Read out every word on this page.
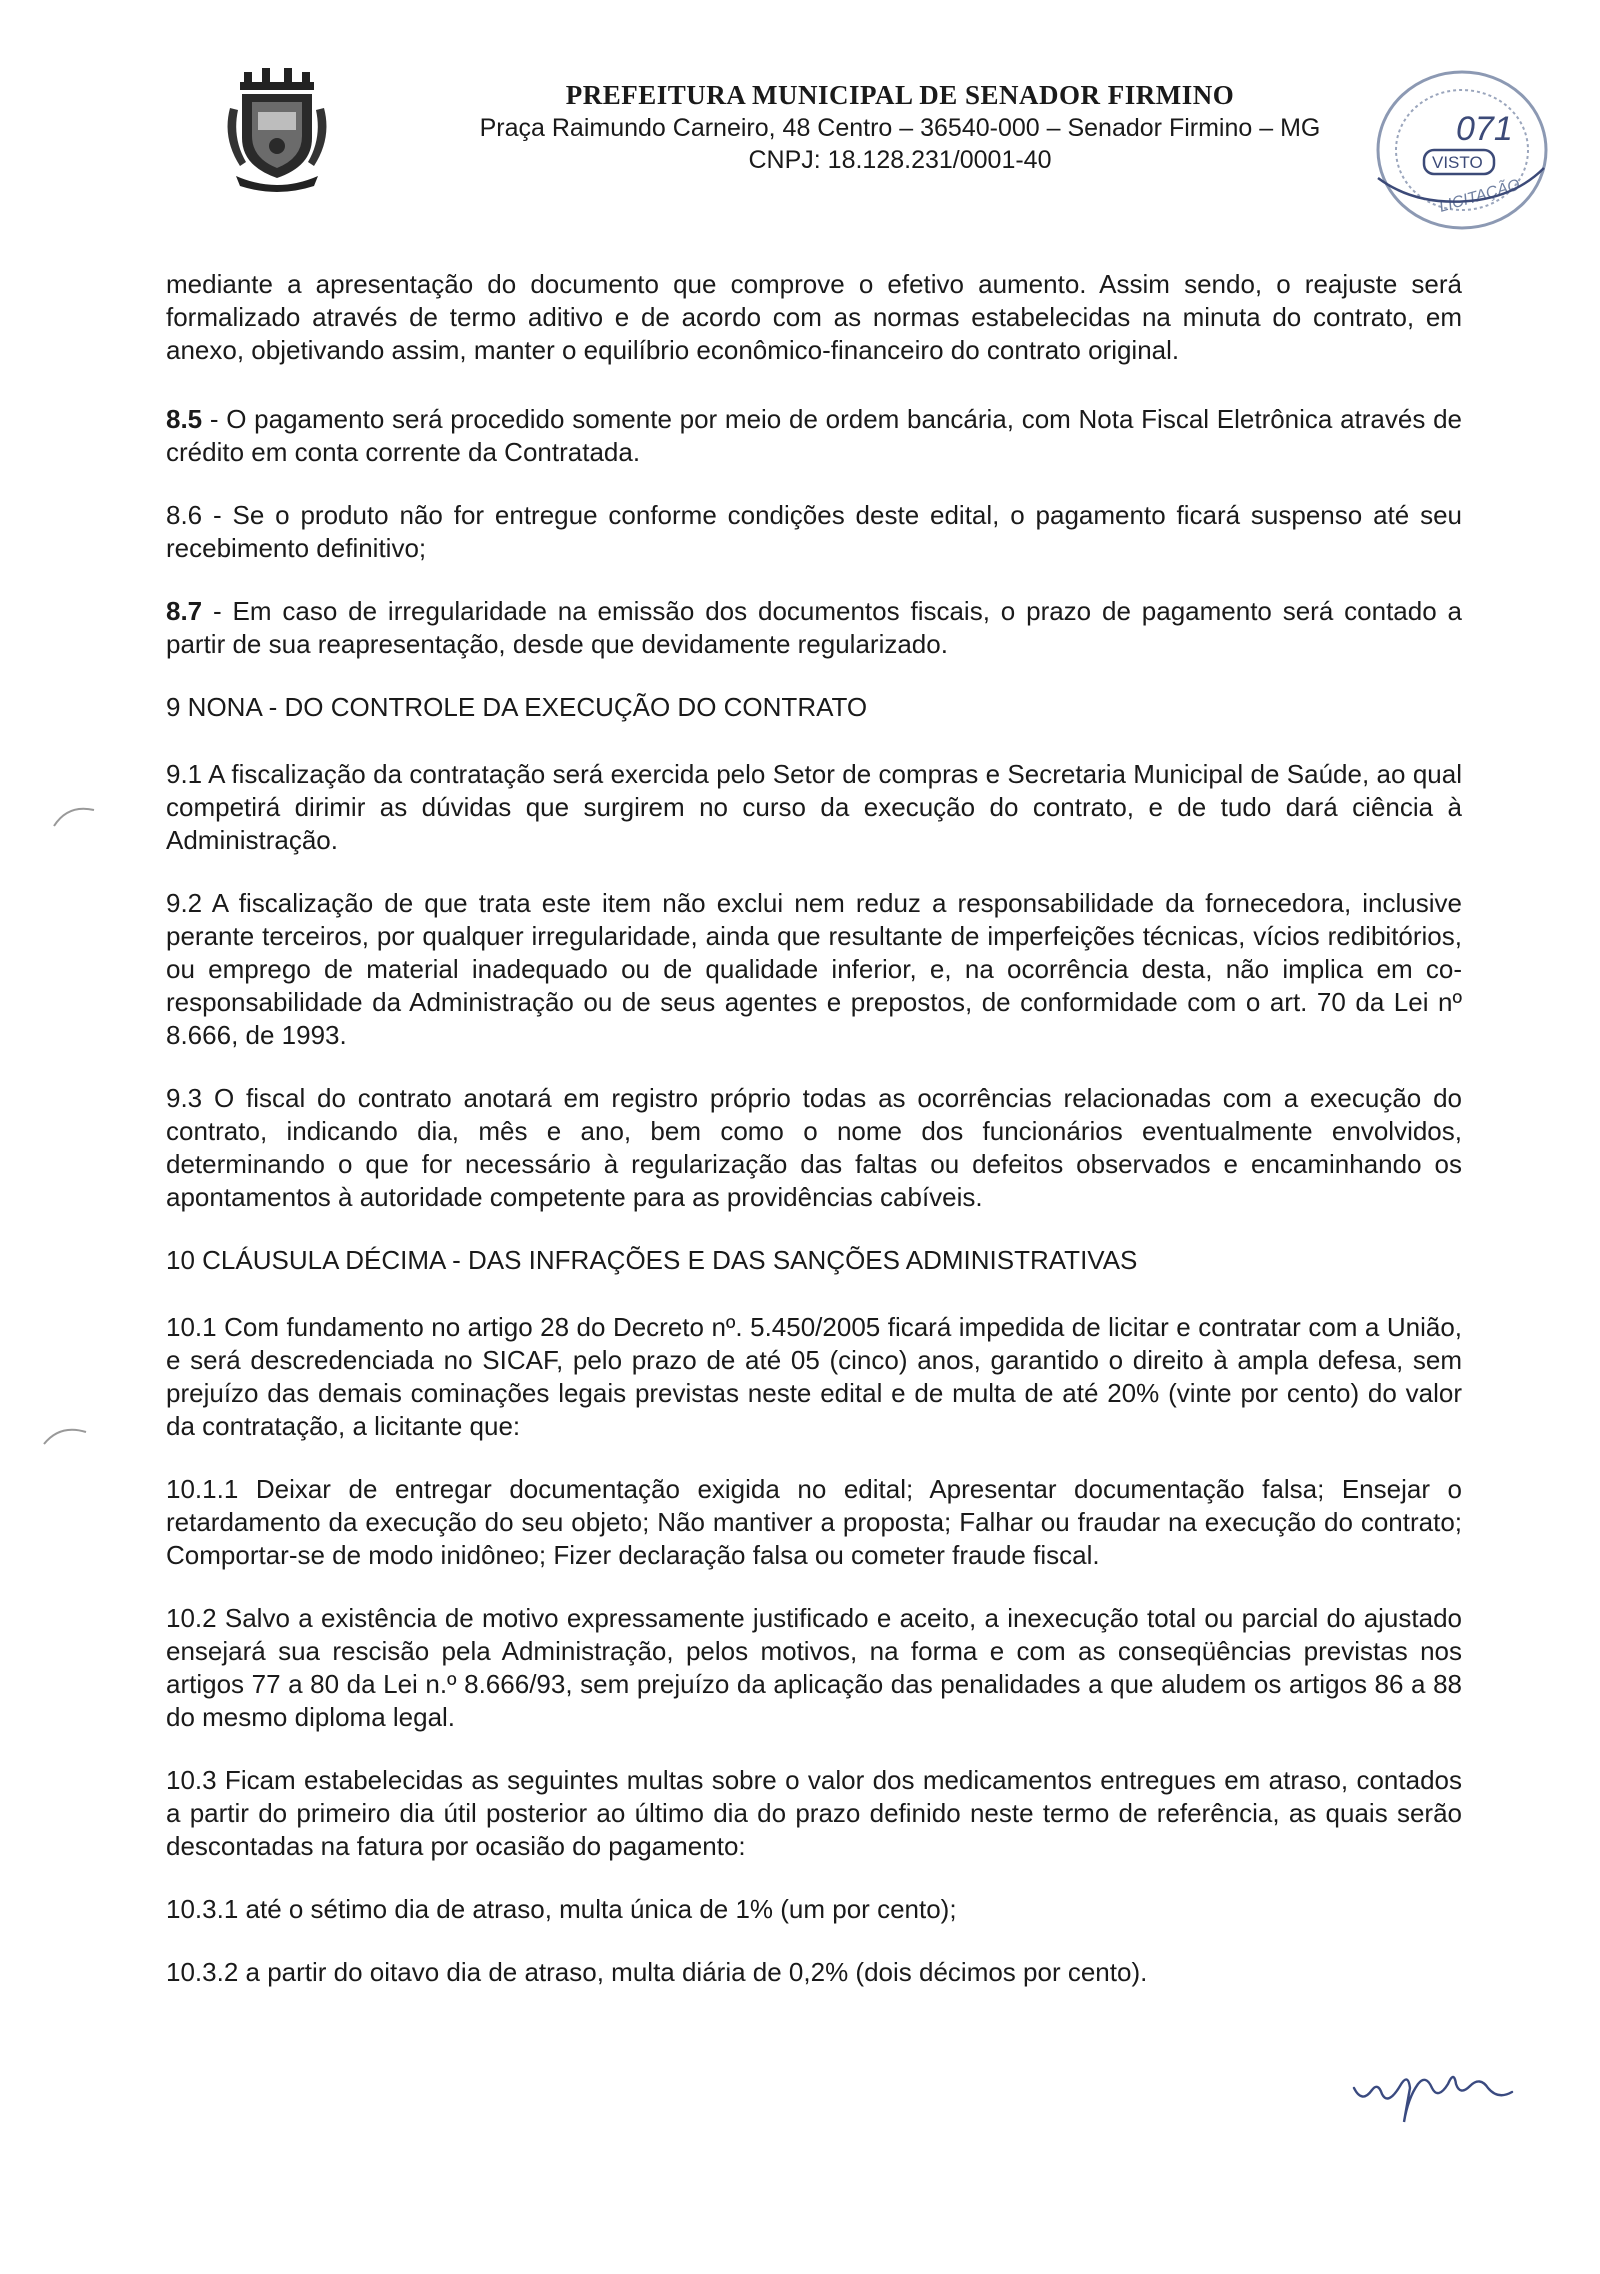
PREFEITURA MUNICIPAL DE SENADOR FIRMINO
Praça Raimundo Carneiro, 48 Centro – 36540-000 – Senador Firmino – MG
CNPJ: 18.128.231/0001-40
071
VISTO
LICITAÇÃO

mediante a apresentação do documento que comprove o efetivo aumento. Assim sendo, o reajuste será formalizado através de termo aditivo e de acordo com as normas estabelecidas na minuta do contrato, em anexo, objetivando assim, manter o equilíbrio econômico-financeiro do contrato original.

8.5 - O pagamento será procedido somente por meio de ordem bancária, com Nota Fiscal Eletrônica através de crédito em conta corrente da Contratada.

8.6 - Se o produto não for entregue conforme condições deste edital, o pagamento ficará suspenso até seu recebimento definitivo;

8.7 - Em caso de irregularidade na emissão dos documentos fiscais, o prazo de pagamento será contado a partir de sua reapresentação, desde que devidamente regularizado.

9 NONA - DO CONTROLE DA EXECUÇÃO DO CONTRATO

9.1 A fiscalização da contratação será exercida pelo Setor de compras e Secretaria Municipal de Saúde, ao qual competirá dirimir as dúvidas que surgirem no curso da execução do contrato, e de tudo dará ciência à Administração.

9.2 A fiscalização de que trata este item não exclui nem reduz a responsabilidade da fornecedora, inclusive perante terceiros, por qualquer irregularidade, ainda que resultante de imperfeições técnicas, vícios redibitórios, ou emprego de material inadequado ou de qualidade inferior, e, na ocorrência desta, não implica em co-responsabilidade da Administração ou de seus agentes e prepostos, de conformidade com o art. 70 da Lei nº 8.666, de 1993.

9.3 O fiscal do contrato anotará em registro próprio todas as ocorrências relacionadas com a execução do contrato, indicando dia, mês e ano, bem como o nome dos funcionários eventualmente envolvidos, determinando o que for necessário à regularização das faltas ou defeitos observados e encaminhando os apontamentos à autoridade competente para as providências cabíveis.

10 CLÁUSULA DÉCIMA - DAS INFRAÇÕES E DAS SANÇÕES ADMINISTRATIVAS

10.1 Com fundamento no artigo 28 do Decreto nº. 5.450/2005 ficará impedida de licitar e contratar com a União, e será descredenciada no SICAF, pelo prazo de até 05 (cinco) anos, garantido o direito à ampla defesa, sem prejuízo das demais cominações legais previstas neste edital e de multa de até 20% (vinte por cento) do valor da contratação, a licitante que:

10.1.1 Deixar de entregar documentação exigida no edital; Apresentar documentação falsa; Ensejar o retardamento da execução do seu objeto; Não mantiver a proposta; Falhar ou fraudar na execução do contrato; Comportar-se de modo inidôneo; Fizer declaração falsa ou cometer fraude fiscal.

10.2 Salvo a existência de motivo expressamente justificado e aceito, a inexecução total ou parcial do ajustado ensejará sua rescisão pela Administração, pelos motivos, na forma e com as conseqüências previstas nos artigos 77 a 80 da Lei n.º 8.666/93, sem prejuízo da aplicação das penalidades a que aludem os artigos 86 a 88 do mesmo diploma legal.

10.3 Ficam estabelecidas as seguintes multas sobre o valor dos medicamentos entregues em atraso, contados a partir do primeiro dia útil posterior ao último dia do prazo definido neste termo de referência, as quais serão descontadas na fatura por ocasião do pagamento:

10.3.1 até o sétimo dia de atraso, multa única de 1% (um por cento);

10.3.2 a partir do oitavo dia de atraso, multa diária de 0,2% (dois décimos por cento).
